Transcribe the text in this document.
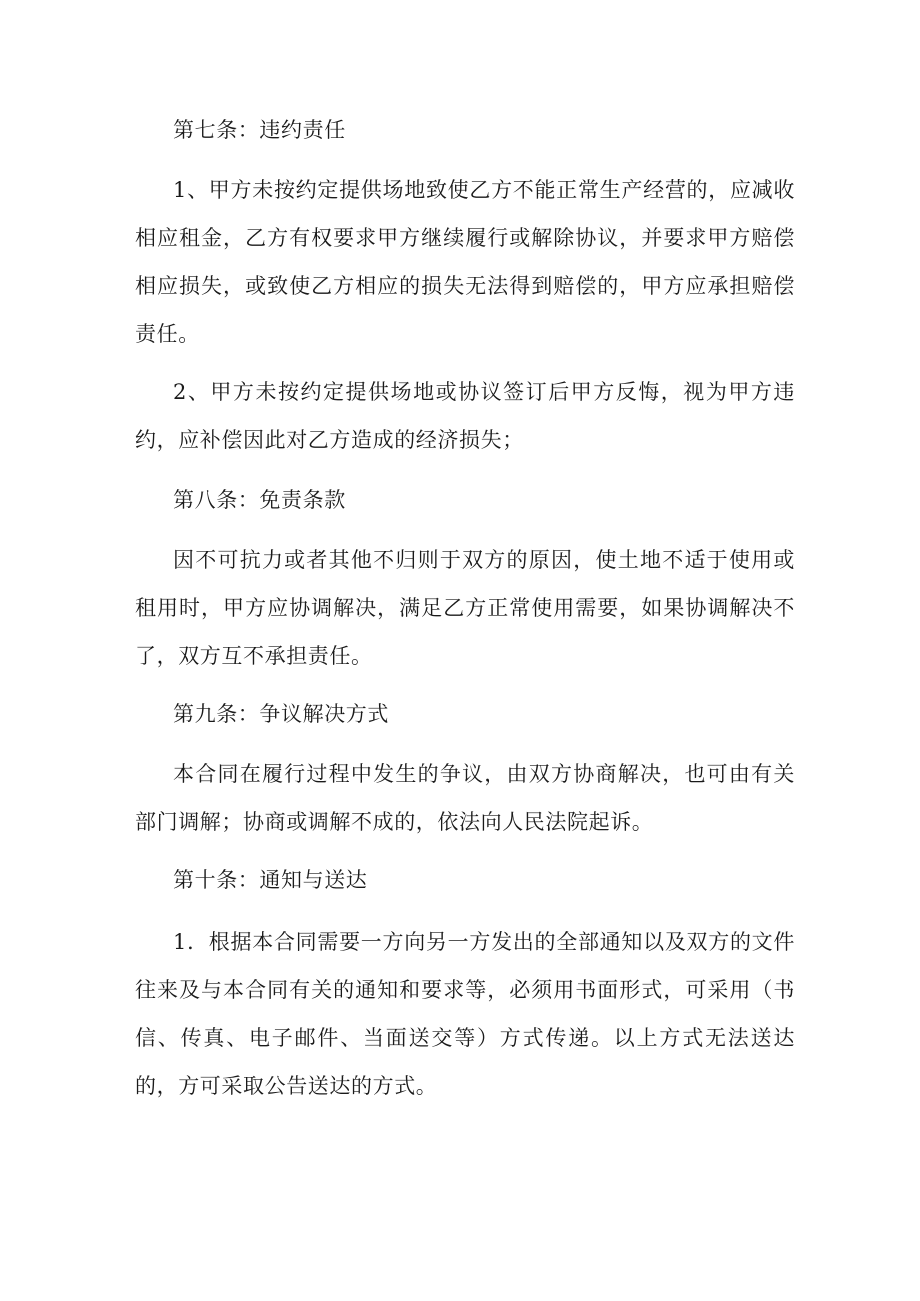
第七条：违约责任

1、甲方未按约定提供场地致使乙方不能正常生产经营的，应减收相应租金，乙方有权要求甲方继续履行或解除协议，并要求甲方赔偿相应损失，或致使乙方相应的损失无法得到赔偿的，甲方应承担赔偿责任。

2、甲方未按约定提供场地或协议签订后甲方反悔，视为甲方违约，应补偿因此对乙方造成的经济损失；

第八条：免责条款

因不可抗力或者其他不归则于双方的原因，使土地不适于使用或租用时，甲方应协调解决，满足乙方正常使用需要，如果协调解决不了，双方互不承担责任。

第九条：争议解决方式

本合同在履行过程中发生的争议，由双方协商解决，也可由有关部门调解；协商或调解不成的，依法向人民法院起诉。

第十条：通知与送达

1．根据本合同需要一方向另一方发出的全部通知以及双方的文件往来及与本合同有关的通知和要求等，必须用书面形式，可采用（书信、传真、电子邮件、当面送交等）方式传递。以上方式无法送达的，方可采取公告送达的方式。
